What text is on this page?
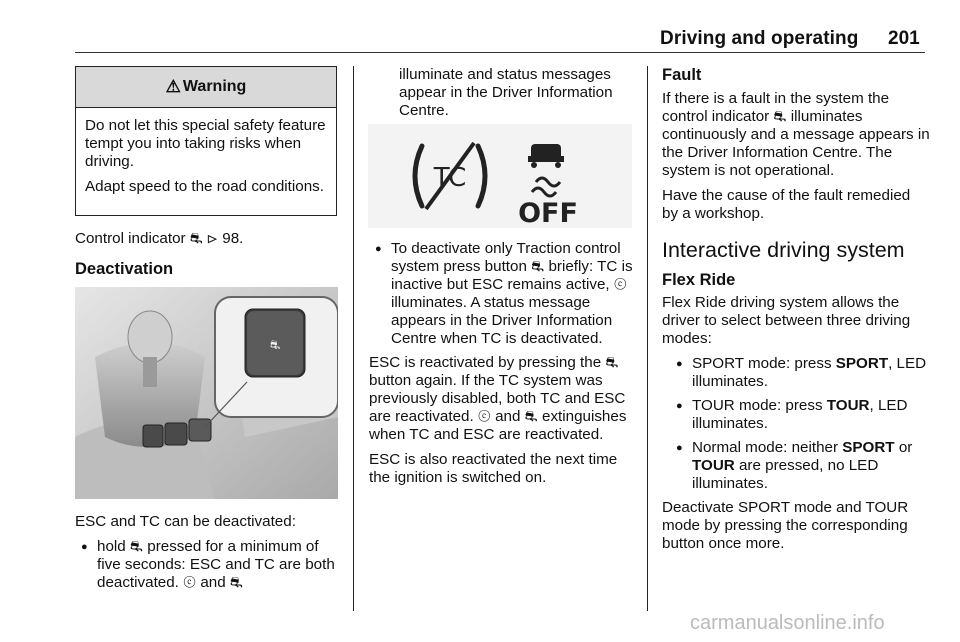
Driving and operating 201
⚠ Warning

Do not let this special safety feature tempt you into taking risks when driving.

Adapt speed to the road conditions.

Control indicator ⛐ ⊳ 98.

Deactivation

⛐

ESC and TC can be deactivated:

● hold ⛐ pressed for a minimum of five seconds: ESC and TC are both deactivated. ⓒ and ⛐

illuminate and status messages appear in the Driver Information Centre.

TC
OFF
● To deactivate only Traction control system press button ⛐ briefly: TC is inactive but ESC remains active, ⓒ illuminates. A status message appears in the Driver Information Centre when TC is deactivated.

ESC is reactivated by pressing the ⛐ button again. If the TC system was previously disabled, both TC and ESC are reactivated. ⓒ and ⛐ extinguishes when TC and ESC are reactivated.

ESC is also reactivated the next time the ignition is switched on.

Fault

If there is a fault in the system the control indicator ⛐ illuminates continuously and a message appears in the Driver Information Centre. The system is not operational.

Have the cause of the fault remedied by a workshop.

Interactive driving system

Flex Ride

Flex Ride driving system allows the driver to select between three driving modes:

● SPORT mode: press SPORT, LED illuminates.
● TOUR mode: press TOUR, LED illuminates.
● Normal mode: neither SPORT or TOUR are pressed, no LED illuminates.

Deactivate SPORT mode and TOUR mode by pressing the corresponding button once more.

carmanualsonline.info
